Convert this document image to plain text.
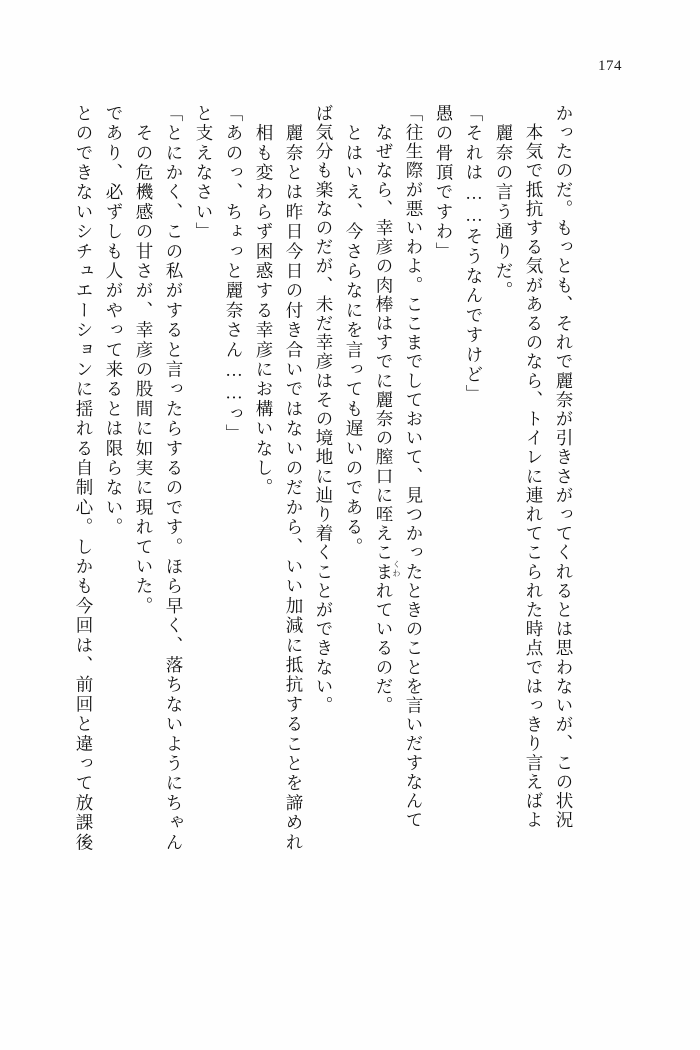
174
とのできないシチュエーションに揺れる自制心。しかも今回は、前回と違って放課後 であり、必ずしも人がやって来るとは限らない。 　その危機感の甘さが、幸彦の股間に如実に現れていた。 「とにかく、この私がすると言ったらするのです。ほら早く、落ちないようにちゃん と支えなさい」 「あのっ、ちょっと麗奈さん……っ」 　相も変わらず困惑する幸彦にお構いなし。 　麗奈とは昨日今日の付き合いではないのだから、いい加減に抵抗することを諦めれ ば気分も楽なのだが、未だ幸彦はその境地に辿り着くことができない。 　とはいえ、今さらなにを言っても遅いのである。 　なぜなら、幸彦の肉棒はすでに麗奈の膣口に咥えこまれているのだ。 「往生際が悪いわよ。ここまでしておいて、見つかったときのことを言いだすなんて 愚の骨頂ですわ」 「それは……そうなんですけど」 　麗奈の言う通りだ。 　本気で抵抗する気があるのなら、トイレに連れてこられた時点ではっきり言えばよ かったのだ。もっとも、それで麗奈が引きさがってくれるとは思わないが、この状況
くわ
